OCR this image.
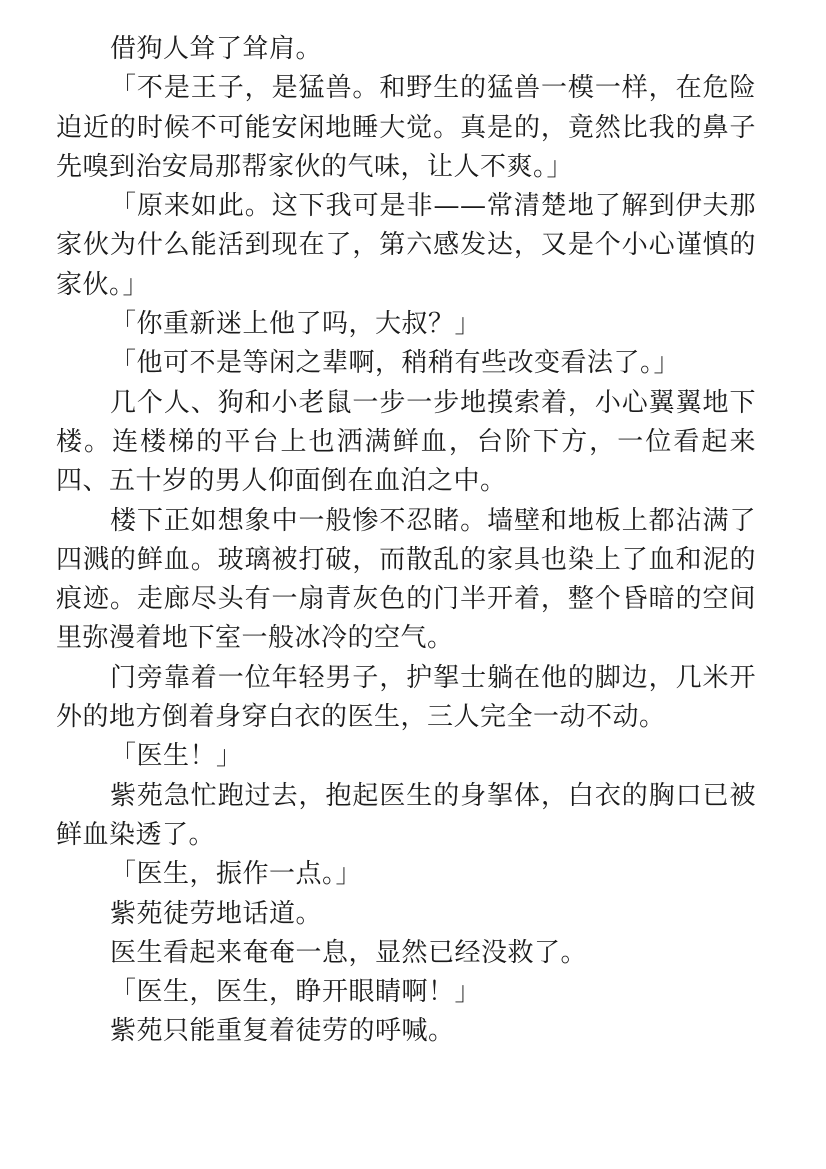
借狗人耸了耸肩。

「不是王子，是猛兽。和野生的猛兽一模一样，在危险迫近的时候不可能安闲地睡大觉。真是的，竟然比我的鼻子先嗅到治安局那帮家伙的气味，让人不爽。」

「原来如此。这下我可是非——常清楚地了解到伊夫那家伙为什么能活到现在了，第六感发达，又是个小心谨慎的家伙。」

「你重新迷上他了吗，大叔？」

「他可不是等闲之辈啊，稍稍有些改变看法了。」

几个人、狗和小老鼠一步一步地摸索着，小心翼翼地下楼。连楼梯的平台上也洒满鲜血，台阶下方，一位看起来四、五十岁的男人仰面倒在血泊之中。

楼下正如想象中一般惨不忍睹。墙壁和地板上都沾满了四溅的鲜血。玻璃被打破，而散乱的家具也染上了血和泥的痕迹。走廊尽头有一扇青灰色的门半开着，整个昏暗的空间里弥漫着地下室一般冰冷的空气。

门旁靠着一位年轻男子，护挐士躺在他的脚边，几米开外的地方倒着身穿白衣的医生，三人完全一动不动。

「医生！」

紫苑急忙跑过去，抱起医生的身挐体，白衣的胸口已被鲜血染透了。

「医生，振作一点。」

紫苑徒劳地话道。

医生看起来奄奄一息，显然已经没救了。

「医生，医生，睁开眼睛啊！」

紫苑只能重复着徒劳的呼喊。
